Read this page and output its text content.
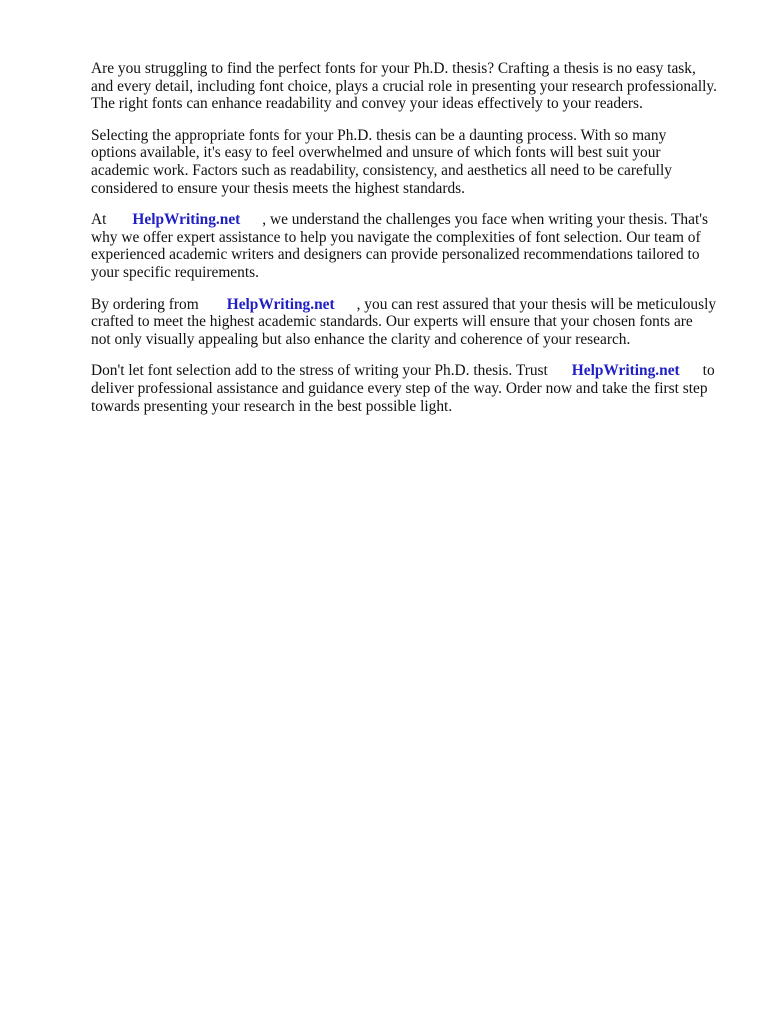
Are you struggling to find the perfect fonts for your Ph.D. thesis? Crafting a thesis is no easy task,
and every detail, including font choice, plays a crucial role in presenting your research professionally.
The right fonts can enhance readability and convey your ideas effectively to your readers.

Selecting the appropriate fonts for your Ph.D. thesis can be a daunting process. With so many
options available, it's easy to feel overwhelmed and unsure of which fonts will best suit your
academic work. Factors such as readability, consistency, and aesthetics all need to be carefully
considered to ensure your thesis meets the highest standards.

At HelpWriting.net , we understand the challenges you face when writing your thesis. That's
why we offer expert assistance to help you navigate the complexities of font selection. Our team of
experienced academic writers and designers can provide personalized recommendations tailored to
your specific requirements.

By ordering from HelpWriting.net , you can rest assured that your thesis will be meticulously
crafted to meet the highest academic standards. Our experts will ensure that your chosen fonts are
not only visually appealing but also enhance the clarity and coherence of your research.

Don't let font selection add to the stress of writing your Ph.D. thesis. Trust HelpWriting.net to
deliver professional assistance and guidance every step of the way. Order now and take the first step
towards presenting your research in the best possible light.
